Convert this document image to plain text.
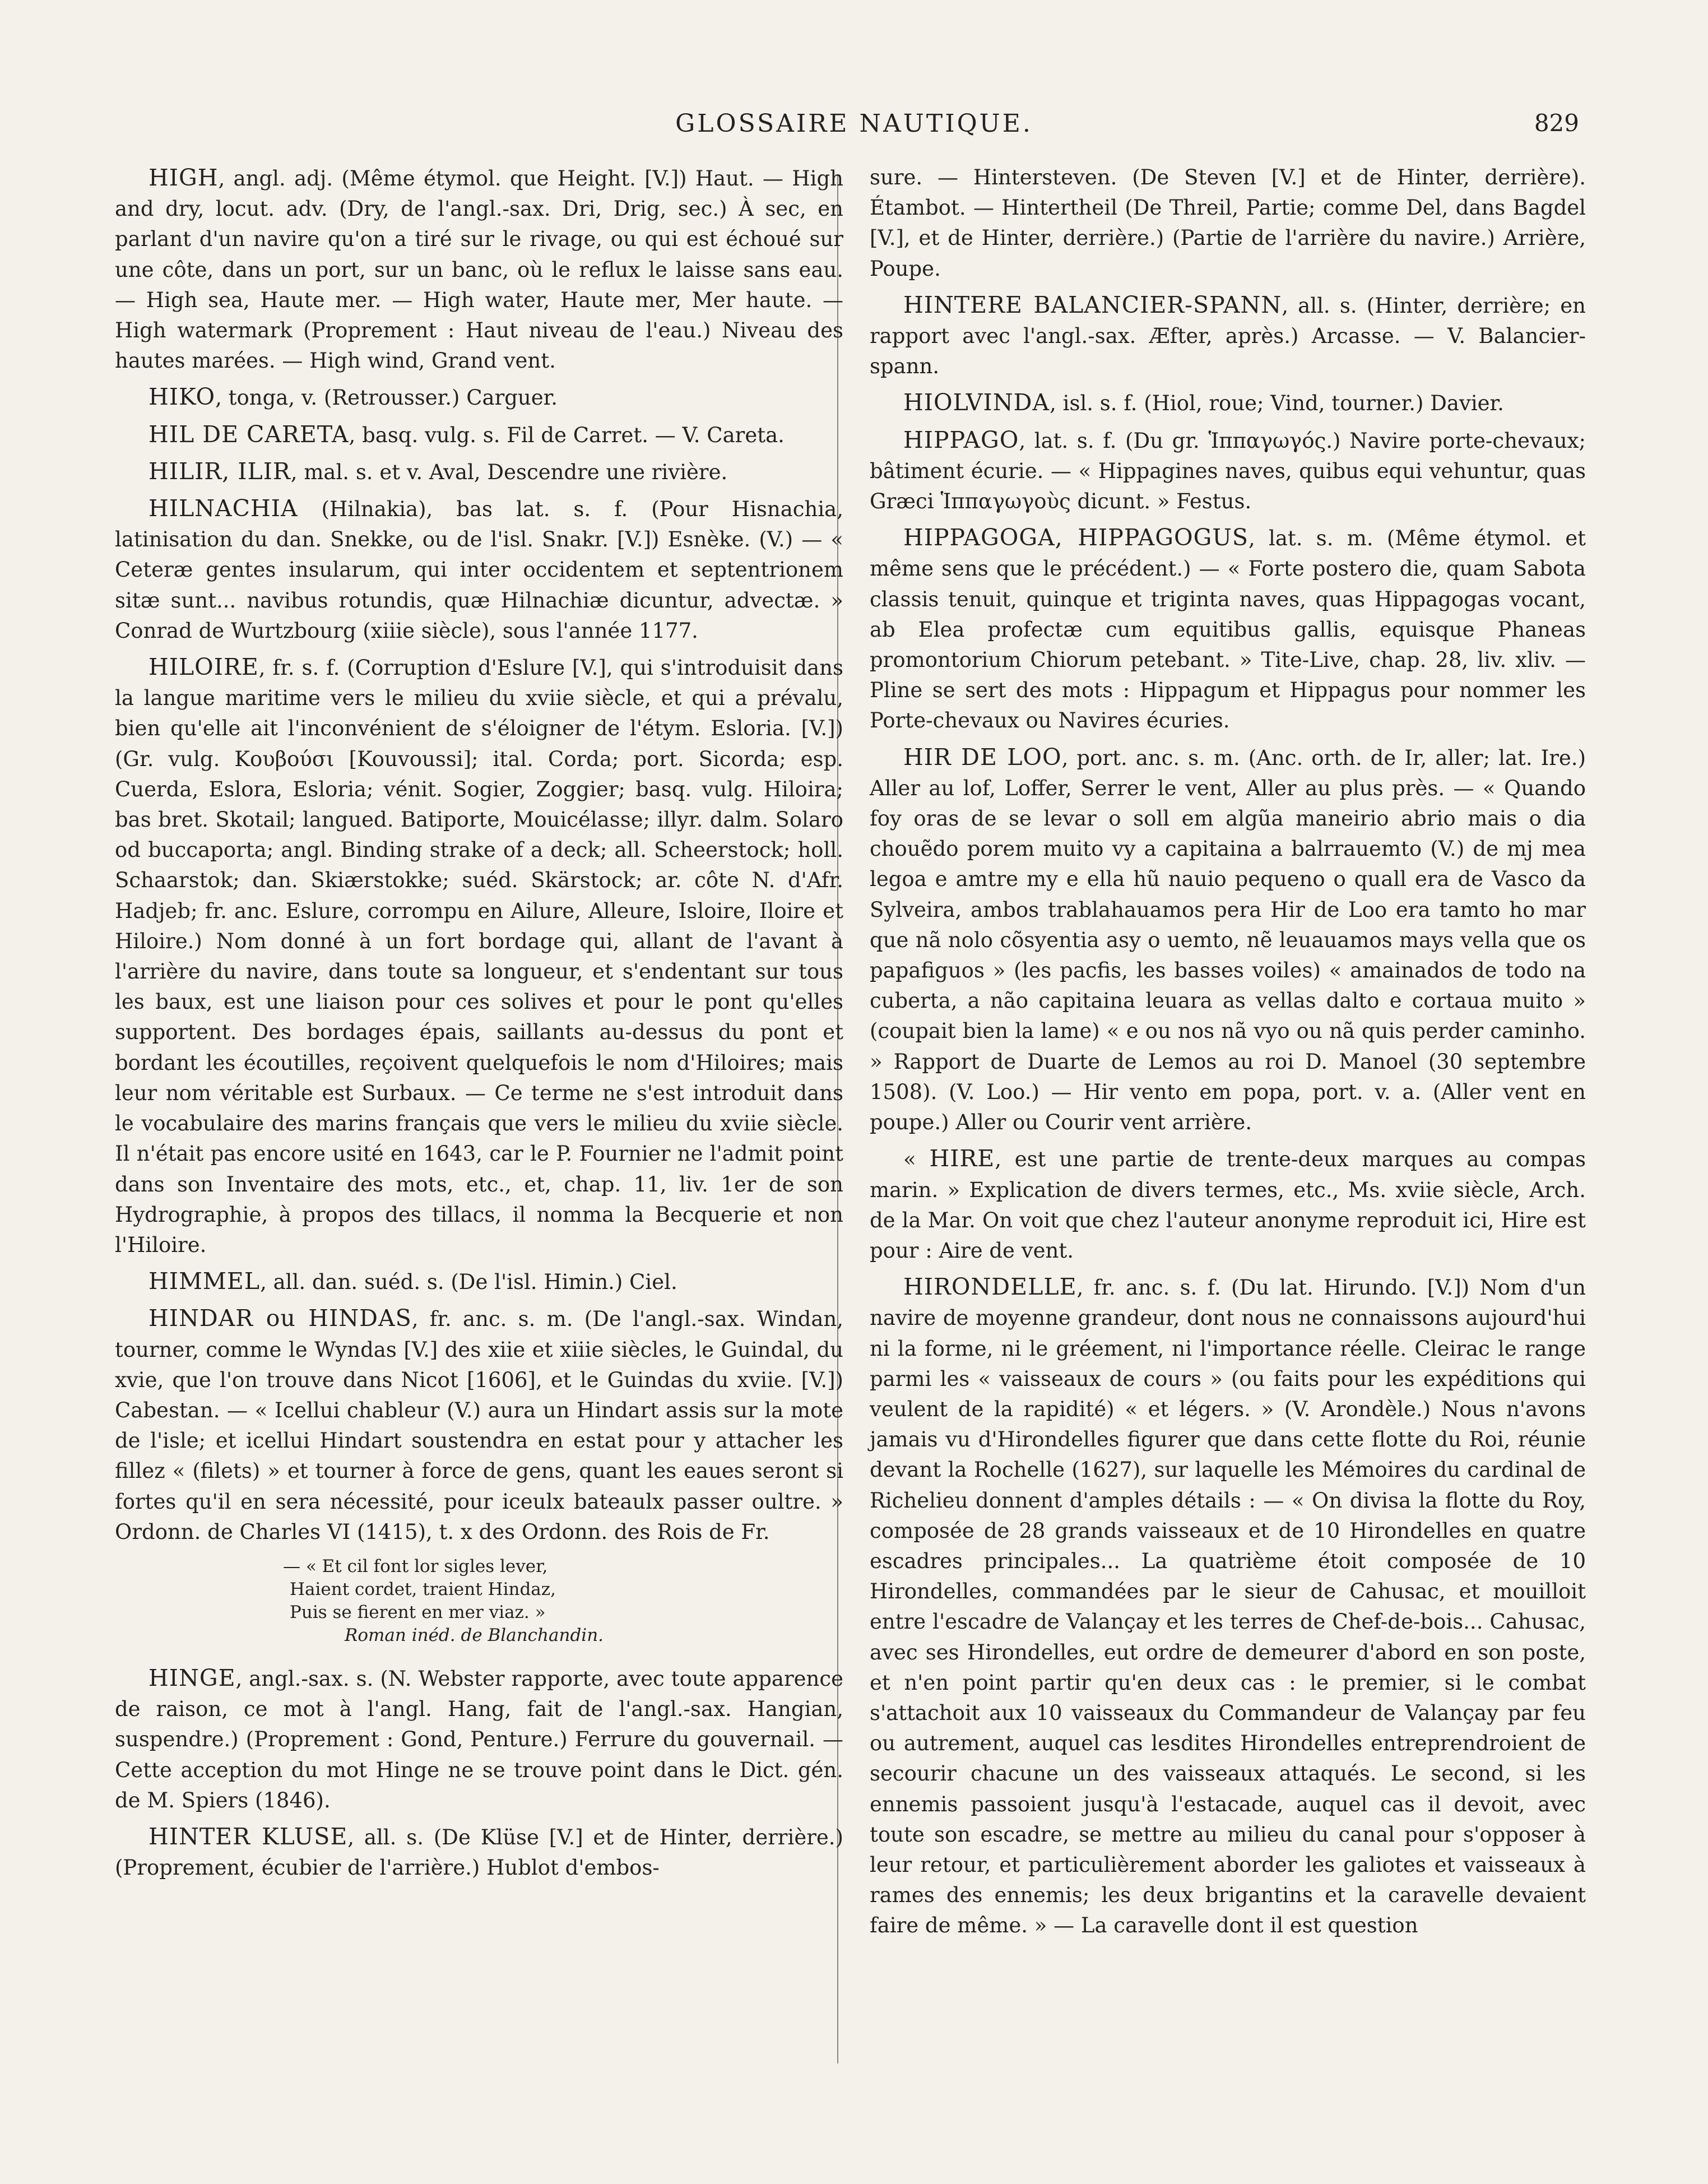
GLOSSAIRE NAUTIQUE.	829

HIGH, angl. adj. (Même étymol. que Height. [V.]) Haut. — High and dry, locut. adv. (Dry, de l'angl.-sax. Dri, Drig, sec.) À sec, en parlant d'un navire qu'on a tiré sur le rivage, ou qui est échoué sur une côte, dans un port, sur un banc, où le reflux le laisse sans eau. — High sea, Haute mer. — High water, Haute mer, Mer haute. — High watermark (Proprement : Haut niveau de l'eau.) Niveau des hautes marées. — High wind, Grand vent.

HIKO, tonga, v. (Retrousser.) Carguer.

HIL DE CARETA, basq. vulg. s. Fil de Carret. — V. Careta.

HILIR, ILIR, mal. s. et v. Aval, Descendre une rivière.

HILNACHIA (Hilnakia), bas lat. s. f. (Pour Hisnachia, latinisation du dan. Snekke, ou de l'isl. Snakr. [V.]) Esnèke. (V.) — « Ceteræ gentes insularum, qui inter occidentem et septentrionem sitæ sunt... navibus rotundis, quæ Hilnachiæ dicuntur, advectæ. » Conrad de Wurtzbourg (xiiie siècle), sous l'année 1177.

HILOIRE, fr. s. f. (Corruption d'Eslure [V.], qui s'introduisit dans la langue maritime vers le milieu du xviie siècle, et qui a prévalu, bien qu'elle ait l'inconvénient de s'éloigner de l'étym. Esloria. [V.]) (Gr. vulg. Κουβούσι [Kouvoussi]; ital. Corda; port. Sicorda; esp. Cuerda, Eslora, Esloria; vénit. Sogier, Zoggier; basq. vulg. Hiloira; bas bret. Skotail; langued. Batiporte, Mouicélasse; illyr. dalm. Solaro od buccaporta; angl. Binding strake of a deck; all. Scheerstock; holl. Schaarstok; dan. Skiærstokke; suéd. Skärstock; ar. côte N. d'Afr. Hadjeb; fr. anc. Eslure, corrompu en Ailure, Alleure, Isloire, Iloire et Hiloire.) Nom donné à un fort bordage qui, allant de l'avant à l'arrière du navire, dans toute sa longueur, et s'endentant sur tous les baux, est une liaison pour ces solives et pour le pont qu'elles supportent. Des bordages épais, saillants au-dessus du pont et bordant les écoutilles, reçoivent quelquefois le nom d'Hiloires; mais leur nom véritable est Surbaux. — Ce terme ne s'est introduit dans le vocabulaire des marins français que vers le milieu du xviie siècle. Il n'était pas encore usité en 1643, car le P. Fournier ne l'admit point dans son Inventaire des mots, etc., et, chap. 11, liv. 1er de son Hydrographie, à propos des tillacs, il nomma la Becquerie et non l'Hiloire.

HIMMEL, all. dan. suéd. s. (De l'isl. Himin.) Ciel.

HINDAR ou HINDAS, fr. anc. s. m. (De l'angl.-sax. Windan, tourner, comme le Wyndas [V.] des xiie et xiiie siècles, le Guindal, du xvie, que l'on trouve dans Nicot [1606], et le Guindas du xviie. [V.]) Cabestan. — « Icellui chableur (V.) aura un Hindart assis sur la mote de l'isle; et icellui Hindart soustendra en estat pour y attacher les fillez « (filets) » et tourner à force de gens, quant les eaues seront si fortes qu'il en sera nécessité, pour iceulx bateaulx passer oultre. » Ordonn. de Charles VI (1415), t. x des Ordonn. des Rois de Fr.

— « Et cil font lor sigles lever,
Haient cordet, traient Hindaz,
Puis se fierent en mer viaz. »
Roman inéd. de Blanchandin.

HINGE, angl.-sax. s. (N. Webster rapporte, avec toute apparence de raison, ce mot à l'angl. Hang, fait de l'angl.-sax. Hangian, suspendre.) (Proprement : Gond, Penture.) Ferrure du gouvernail. — Cette acception du mot Hinge ne se trouve point dans le Dict. gén. de M. Spiers (1846).

HINTER KLUSE, all. s. (De Klüse [V.] et de Hinter, derrière.) (Proprement, écubier de l'arrière.) Hublot d'embos-

sure. — Hintersteven. (De Steven [V.] et de Hinter, derrière). Étambot. — Hintertheil (De Threil, Partie; comme Del, dans Bagdel [V.], et de Hinter, derrière.) (Partie de l'arrière du navire.) Arrière, Poupe.

HINTERE BALANCIER-SPANN, all. s. (Hinter, derrière; en rapport avec l'angl.-sax. Æfter, après.) Arcasse. — V. Balancier-spann.

HIOLVINDA, isl. s. f. (Hiol, roue; Vind, tourner.) Davier.

HIPPAGO, lat. s. f. (Du gr. Ἱππαγωγός.) Navire porte-chevaux; bâtiment écurie. — « Hippagines naves, quibus equi vehuntur, quas Græci Ἱππαγωγοὺς dicunt. » Festus.

HIPPAGOGA, HIPPAGOGUS, lat. s. m. (Même étymol. et même sens que le précédent.) — « Forte postero die, quam Sabota classis tenuit, quinque et triginta naves, quas Hippagogas vocant, ab Elea profectæ cum equitibus gallis, equisque Phaneas promontorium Chiorum petebant. » Tite-Live, chap. 28, liv. xliv. — Pline se sert des mots : Hippagum et Hippagus pour nommer les Porte-chevaux ou Navires écuries.

HIR DE LOO, port. anc. s. m. (Anc. orth. de Ir, aller; lat. Ire.) Aller au lof, Loffer, Serrer le vent, Aller au plus près. — « Quando foy oras de se levar o soll em algũa maneirio abrio mais o dia chouẽdo porem muito vy a capitaina a balrrauemto (V.) de mj mea legoa e amtre my e ella hũ nauio pequeno o quall era de Vasco da Sylveira, ambos trablahauamos pera Hir de Loo era tamto ho mar que nã nolo cõsyentia asy o uemto, nẽ leuauamos mays vella que os papafiguos » (les pacfis, les basses voiles) « amainados de todo na cuberta, a não capitaina leuara as vellas dalto e cortaua muito » (coupait bien la lame) « e ou nos nã vyo ou nã quis perder caminho. » Rapport de Duarte de Lemos au roi D. Manoel (30 septembre 1508). (V. Loo.) — Hir vento em popa, port. v. a. (Aller vent en poupe.) Aller ou Courir vent arrière.

« HIRE, est une partie de trente-deux marques au compas marin. » Explication de divers termes, etc., Ms. xviie siècle, Arch. de la Mar. On voit que chez l'auteur anonyme reproduit ici, Hire est pour : Aire de vent.

HIRONDELLE, fr. anc. s. f. (Du lat. Hirundo. [V.]) Nom d'un navire de moyenne grandeur, dont nous ne connaissons aujourd'hui ni la forme, ni le gréement, ni l'importance réelle. Cleirac le range parmi les « vaisseaux de cours » (ou faits pour les expéditions qui veulent de la rapidité) « et légers. » (V. Arondèle.) Nous n'avons jamais vu d'Hirondelles figurer que dans cette flotte du Roi, réunie devant la Rochelle (1627), sur laquelle les Mémoires du cardinal de Richelieu donnent d'amples détails : — « On divisa la flotte du Roy, composée de 28 grands vaisseaux et de 10 Hirondelles en quatre escadres principales... La quatrième étoit composée de 10 Hirondelles, commandées par le sieur de Cahusac, et mouilloit entre l'escadre de Valançay et les terres de Chef-de-bois... Cahusac, avec ses Hirondelles, eut ordre de demeurer d'abord en son poste, et n'en point partir qu'en deux cas : le premier, si le combat s'attachoit aux 10 vaisseaux du Commandeur de Valançay par feu ou autrement, auquel cas lesdites Hirondelles entreprendroient de secourir chacune un des vaisseaux attaqués. Le second, si les ennemis passoient jusqu'à l'estacade, auquel cas il devoit, avec toute son escadre, se mettre au milieu du canal pour s'opposer à leur retour, et particulièrement aborder les galiotes et vaisseaux à rames des ennemis; les deux brigantins et la caravelle devaient faire de même. » — La caravelle dont il est question
